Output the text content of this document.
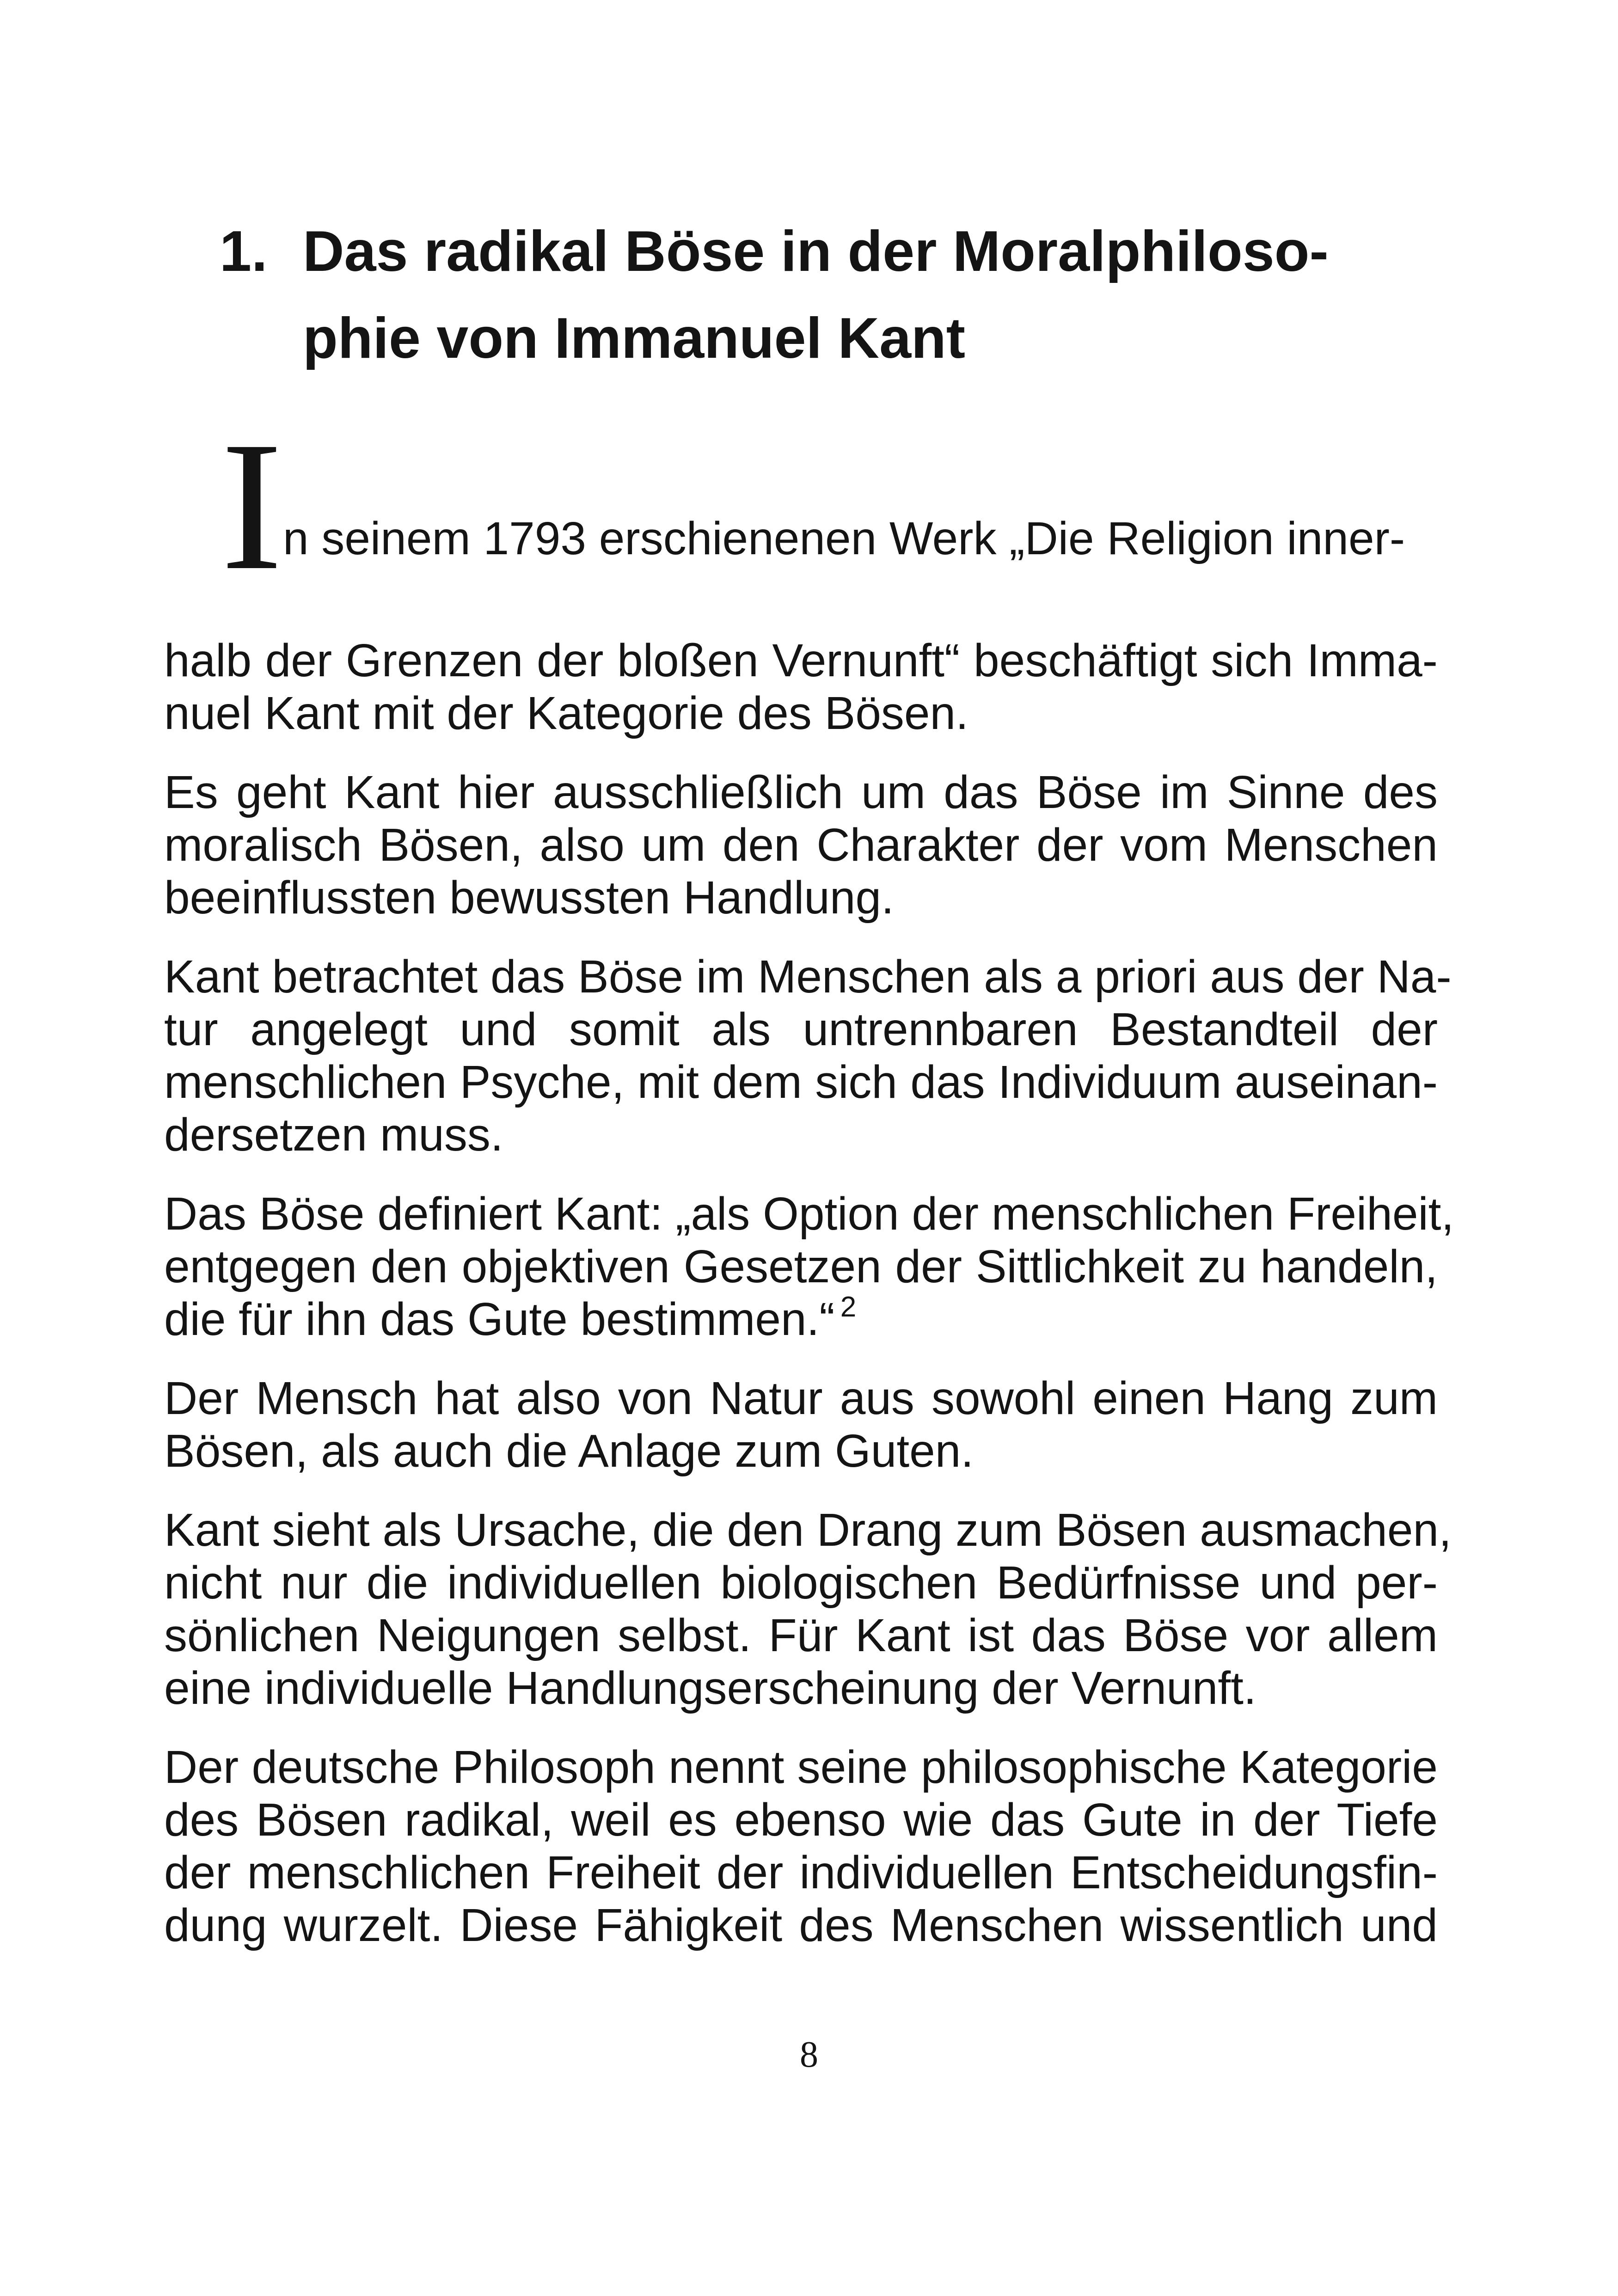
1. Das radikal Böse in der Moralphiloso-
phie von Immanuel Kant
I n seinem 1793 erschienenen Werk „Die Religion inner-

halb der Grenzen der bloßen Vernunft“ beschäftigt sich Imma-
nuel Kant mit der Kategorie des Bösen.

Es geht Kant hier ausschließlich um das Böse im Sinne des
moralisch Bösen, also um den Charakter der vom Menschen
beeinflussten bewussten Handlung.

Kant betrachtet das Böse im Menschen als a priori aus der Na-
tur angelegt und somit als untrennbaren Bestandteil der
menschlichen Psyche, mit dem sich das Individuum auseinan-
dersetzen muss.

Das Böse definiert Kant: „als Option der menschlichen Freiheit,
entgegen den objektiven Gesetzen der Sittlichkeit zu handeln,
die für ihn das Gute bestimmen.“ $^2$

Der Mensch hat also von Natur aus sowohl einen Hang zum
Bösen, als auch die Anlage zum Guten.

Kant sieht als Ursache, die den Drang zum Bösen ausmachen,
nicht nur die individuellen biologischen Bedürfnisse und per-
sönlichen Neigungen selbst. Für Kant ist das Böse vor allem
eine individuelle Handlungserscheinung der Vernunft.

Der deutsche Philosoph nennt seine philosophische Kategorie
des Bösen radikal, weil es ebenso wie das Gute in der Tiefe
der menschlichen Freiheit der individuellen Entscheidungsfin-
dung wurzelt. Diese Fähigkeit des Menschen wissentlich und

8
